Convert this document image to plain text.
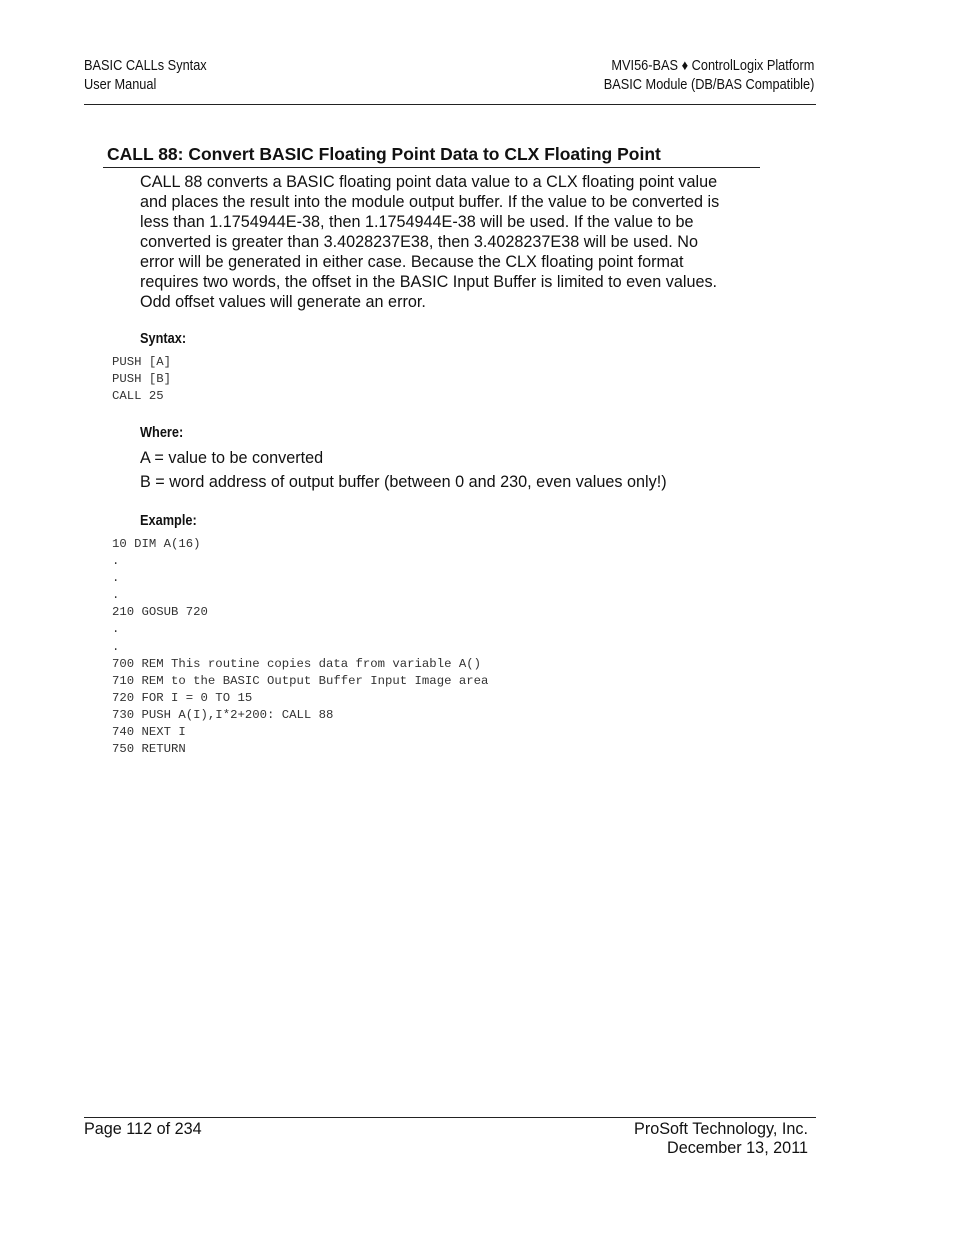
BASIC CALLs Syntax
User Manual
MVI56-BAS ♦ ControlLogix Platform
BASIC Module (DB/BAS Compatible)
CALL 88: Convert BASIC Floating Point Data to CLX Floating Point
CALL 88 converts a BASIC floating point data value to a CLX floating point value
and places the result into the module output buffer. If the value to be converted is
less than 1.1754944E-38, then 1.1754944E-38 will be used. If the value to be
converted is greater than 3.4028237E38, then 3.4028237E38 will be used. No
error will be generated in either case. Because the CLX floating point format
requires two words, the offset in the BASIC Input Buffer is limited to even values.
Odd offset values will generate an error.
Syntax:
PUSH [A]
PUSH [B]
CALL 25
Where:
A = value to be converted
B = word address of output buffer (between 0 and 230, even values only!)
Example:
10 DIM A(16)
.
.
.
210 GOSUB 720
.
.
700 REM This routine copies data from variable A()
710 REM to the BASIC Output Buffer Input Image area
720 FOR I = 0 TO 15
730 PUSH A(I),I*2+200: CALL 88
740 NEXT I
750 RETURN
Page 112 of 234	ProSoft Technology, Inc.
December 13, 2011
